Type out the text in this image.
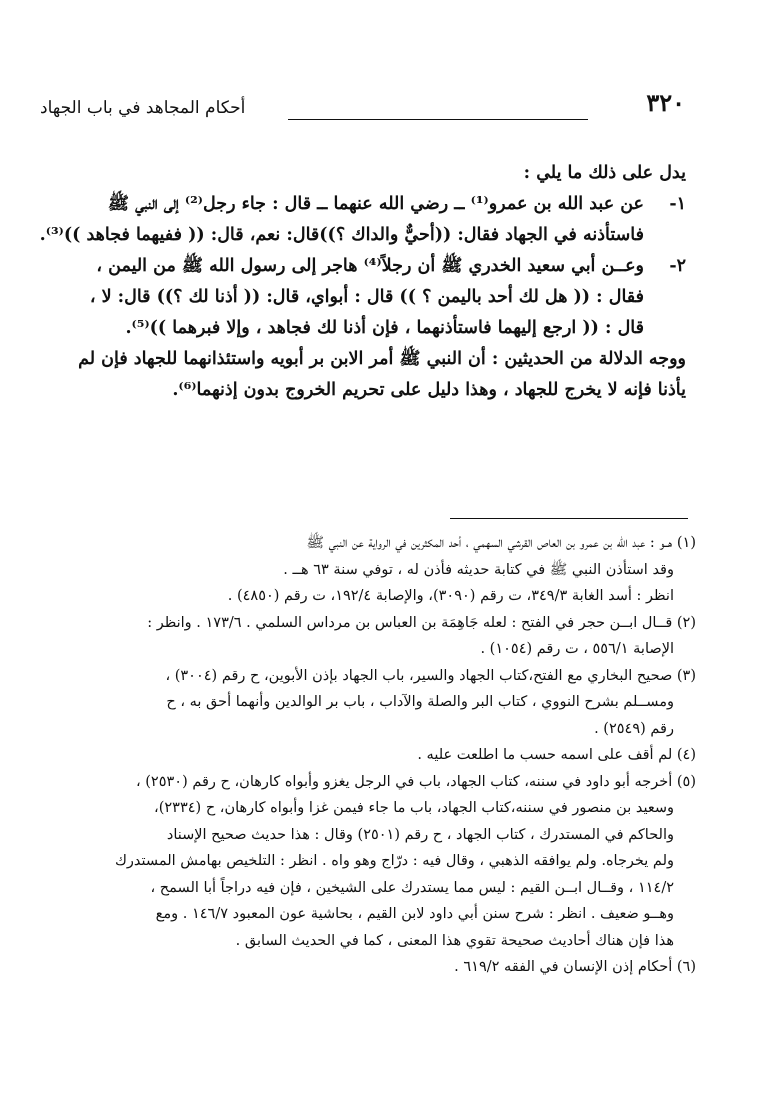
٣٢٠
أحكام المجاهد في باب الجهاد
يدل على ذلك ما يلي :
١-
عن عبد الله بن عمرو⁽¹⁾ ــ رضي الله عنهما ــ قال : جاء رجل⁽²⁾ إلى النبي ﷺ
فاستأذنه في الجهاد فقال: ((أحيٌّ والداك ؟))قال: نعم، قال: (( ففيهما فجاهد ))⁽³⁾.
٢-
وعــن أبي سعيد الخدري ﷺ أن رجلاً⁽⁴⁾ هاجر إلى رسول الله ﷺ من اليمن ،
فقال : (( هل لك أحد باليمن ؟ )) قال : أبواي، قال: (( أذنا لك ؟)) قال: لا ،
قال : (( ارجع إليهما فاستأذنهما ، فإن أذنا لك فجاهد ، وإلا فبرهما ))⁽⁵⁾.
ووجه الدلالة من الحديثين : أن النبي ﷺ أمر الابن بر أبويه واستئذانهما للجهاد فإن لم
يأذنا فإنه لا يخرج للجهاد ، وهذا دليل على تحريم الخروج بدون إذنهما⁽⁶⁾.
(١) هــو : عبد الله بن عمرو بن العاص القرشي السهمي ، أحد المكثرين في الرواية عن النبي ﷺ
وقد استأذن النبي ﷺ في كتابة حديثه فأذن له ، توفي سنة ٦٣ هــ .
انظر : أسد الغابة ٣٤٩/٣، ت رقم (٣٠٩٠)، والإصابة ١٩٢/٤، ت رقم (٤٨٥٠) .
(٢) قــال ابــن حجر في الفتح : لعله جَاهِمَة بن العباس بن مرداس السلمي . ١٧٣/٦ . وانظر :
الإصابة ٥٥٦/١ ، ت رقم (١٠٥٤) .
(٣) صحيح البخاري مع الفتح،كتاب الجهاد والسير، باب الجهاد بإذن الأبوين، ح رقم (٣٠٠٤) ،
ومســلم بشرح النووي ، كتاب البر والصلة والآداب ، باب بر الوالدين وأنهما أحق به ، ح
رقم (٢٥٤٩) .
(٤) لم أقف على اسمه حسب ما اطلعت عليه .
(٥) أخرجه أبو داود في سننه، كتاب الجهاد، باب في الرجل يغزو وأبواه كارهان، ح رقم (٢٥٣٠) ،
وسعيد بن منصور في سننه،كتاب الجهاد، باب ما جاء فيمن غزا وأبواه كارهان، ح (٢٣٣٤)،
والحاكم في المستدرك ، كتاب الجهاد ، ح رقم (٢٥٠١) وقال : هذا حديث صحيح الإسناد
ولم يخرجاه. ولم يوافقه الذهبي ، وقال فيه : درّاج وهو واه . انظر : التلخيص بهامش المستدرك
١١٤/٢ ، وقــال ابــن القيم : ليس مما يستدرك على الشيخين ، فإن فيه دراجاً أبا السمح ،
وهــو ضعيف . انظر : شرح سنن أبي داود لابن القيم ، بحاشية عون المعبود ١٤٦/٧ . ومع
هذا فإن هناك أحاديث صحيحة تقوي هذا المعنى ، كما في الحديث السابق .
(٦) أحكام إذن الإنسان في الفقه ٦١٩/٢ .
